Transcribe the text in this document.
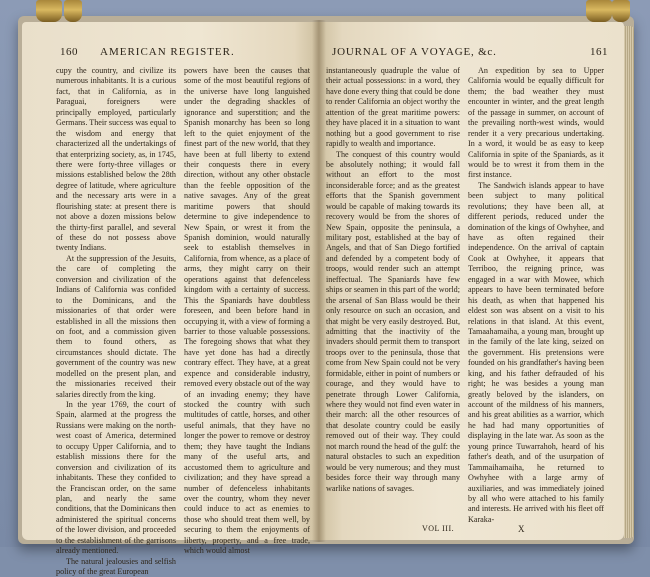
160 AMERICAN REGISTER.

cupy the country, and civilize its numerous inhabitants. It is a curious fact, that in California, as in Paraguai, foreigners were principally employed, particularly Germans. Their success was equal to the wisdom and energy that characterized all the undertakings of that enterprizing society, as, in 1745, there were forty-three villages or missions established below the 28th degree of latitude, where agriculture and the necessary arts were in a flourishing state: at present there is not above a dozen missions below the thirty-first parallel, and several of these do not possess above twenty Indians.

At the suppression of the Jesuits, the care of completing the conversion and civilization of the Indians of California was confided to the Dominicans, and the missionaries of that order were established in all the missions then on foot, and a commission given them to found others, as circumstances should dictate. The government of the country was new modelled on the present plan, and the missionaries received their salaries directly from the king.

In the year 1769, the court of Spain, alarmed at the progress the Russians were making on the north-west coast of America, determined to occupy Upper California, and to establish missions there for the conversion and civilization of its inhabitants. These they confided to the Franciscan order, on the same plan, and nearly the same conditions, that the Dominicans then administered the spiritual concerns of the lower division, and proceeded to the establishment of the garrisons already mentioned.

The natural jealousies and selfish policy of the great European

powers have been the causes that some of the most beautiful regions of the universe have long languished under the degrading shackles of ignorance and superstition; and the Spanish monarchy has been so long left to the quiet enjoyment of the finest part of the new world, that they have been at full liberty to extend their conquests there in every direction, without any other obstacle than the feeble opposition of the native savages. Any of the great maritime powers that should determine to give independence to New Spain, or wrest it from the Spanish dominion, would naturally seek to establish themselves in California, from whence, as a place of arms, they might carry on their operations against that defenceless kingdom with a certainty of success. This the Spaniards have doubtless foreseen, and been before hand in occupying it, with a view of forming a barrier to those valuable possessions. The foregoing shows that what they have yet done has had a directly contrary effect. They have, at a great expence and considerable industry, removed every obstacle out of the way of an invading enemy; they have stocked the country with such multitudes of cattle, horses, and other useful animals, that they have no longer the power to remove or destroy them; they have taught the Indians many of the useful arts, and accustomed them to agriculture and civilization; and they have spread a number of defenceless inhabitants over the country, whom they never could induce to act as enemies to those who should treat them well, by securing to them the enjoyments of liberty, property, and a free trade, which would almost

JOURNAL OF A VOYAGE, &c.	161

instantaneously quadruple the value of their actual possessions: in a word, they have done every thing that could be done to render California an object worthy the attention of the great maritime powers: they have placed it in a situation to want nothing but a good government to rise rapidly to wealth and importance.

The conquest of this country would be absolutely nothing; it would fall without an effort to the most inconsiderable force; and as the greatest efforts that the Spanish government would be capable of making towards its recovery would be from the shores of New Spain, opposite the peninsula, a military post, established at the bay of Angels, and that of San Diego fortified and defended by a competent body of troops, would render such an attempt ineffectual. The Spaniards have few ships or seamen in this part of the world; the arsenal of San Blass would be their only resource on such an occasion, and that might be very easily destroyed. But, admitting that the inactivity of the invaders should permit them to transport troops over to the peninsula, those that come from New Spain could not be very formidable, either in point of numbers or courage, and they would have to penetrate through Lower California, where they would not find even water in their march: all the other resources of that desolate country could be easily removed out of their way. They could not march round the head of the gulf: the natural obstacles to such an expedition would be very numerous; and they must besides force their way through many warlike nations of savages.

An expedition by sea to Upper California would be equally difficult for them; the bad weather they must encounter in winter, and the great length of the passage in summer, on account of the prevailing north-west winds, would render it a very precarious undertaking. In a word, it would be as easy to keep California in spite of the Spaniards, as it would be to wrest it from them in the first instance.

The Sandwich islands appear to have been subject to many political revolutions; they have been all, at different periods, reduced under the domination of the kings of Owhyhee, and have as often regained their independence. On the arrival of captain Cook at Owhyhee, it appears that Terriboo, the reigning prince, was engaged in a war with Mowee, which appears to have been terminated before his death, as when that happened his eldest son was absent on a visit to his relations in that island. At this event, Tamaahamaiha, a young man, brought up in the family of the late king, seized on the government. His pretensions were founded on his grandfather's having been king, and his father defrauded of his right; he was besides a young man greatly beloved by the islanders, on account of the mildness of his manners, and his great abilities as a warrior, which he had had many opportunities of displaying in the late war. As soon as the young prince Tuwarrahoh, heard of his father's death, and of the usurpation of Tammaihamaiha, he returned to Owhyhee with a large army of auxiliaries, and was immediately joined by all who were attached to his family and interests. He arrived with his fleet off Karaka-

VOL III.	X
